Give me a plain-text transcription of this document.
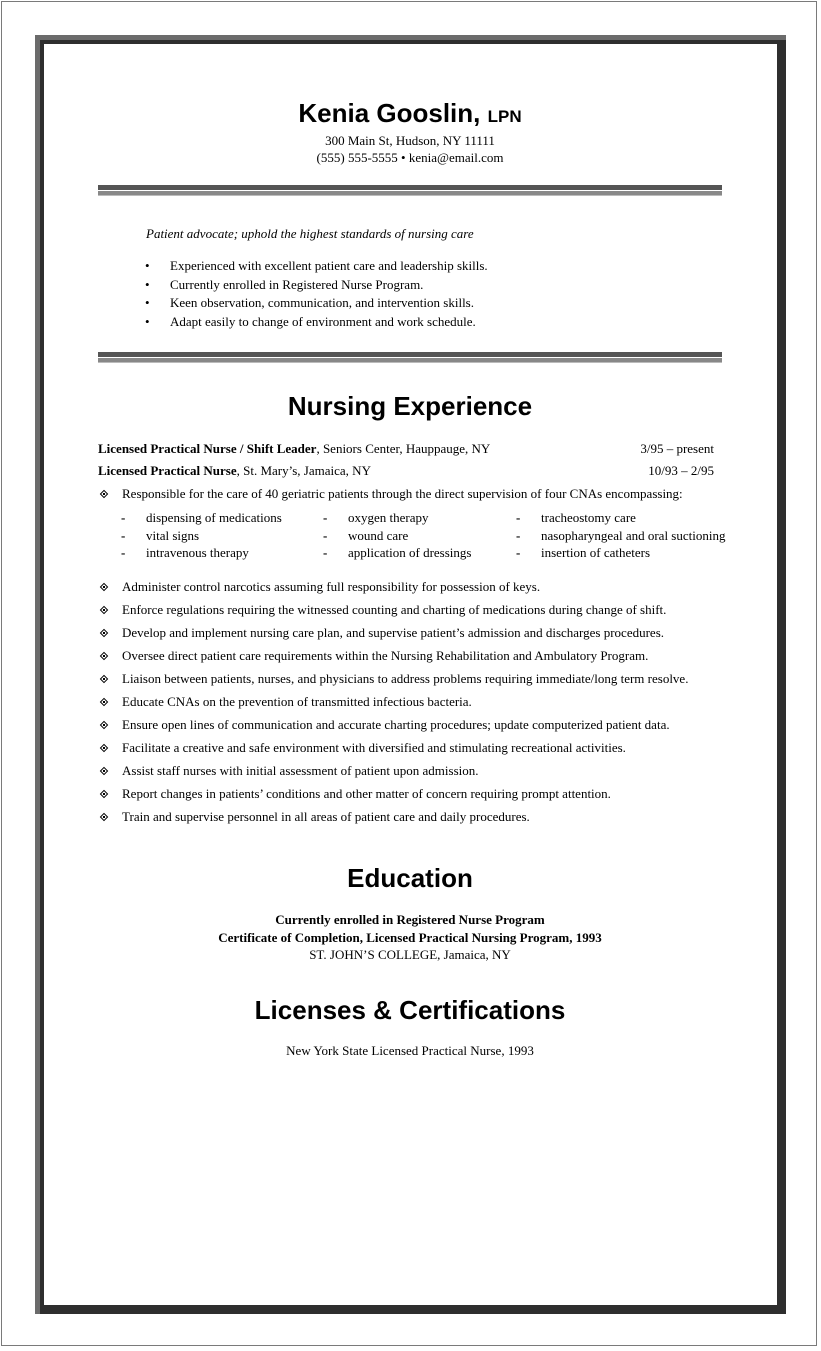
Kenia Gooslin, LPN
300 Main St, Hudson, NY 11111
(555) 555-5555 • kenia@email.com
Patient advocate; uphold the highest standards of nursing care
• Experienced with excellent patient care and leadership skills.
• Currently enrolled in Registered Nurse Program.
• Keen observation, communication, and intervention skills.
• Adapt easily to change of environment and work schedule.
Nursing Experience
Licensed Practical Nurse / Shift Leader, Seniors Center, Hauppauge, NY	3/95 – present
Licensed Practical Nurse, St. Mary’s, Jamaica, NY	10/93 – 2/95
Responsible for the care of 40 geriatric patients through the direct supervision of four CNAs encompassing:
- dispensing of medications	- oxygen therapy	- tracheostomy care
- vital signs	- wound care	- nasopharyngeal and oral suctioning
- intravenous therapy	- application of dressings	- insertion of catheters
Administer control narcotics assuming full responsibility for possession of keys.
Enforce regulations requiring the witnessed counting and charting of medications during change of shift.
Develop and implement nursing care plan, and supervise patient’s admission and discharges procedures.
Oversee direct patient care requirements within the Nursing Rehabilitation and Ambulatory Program.
Liaison between patients, nurses, and physicians to address problems requiring immediate/long term resolve.
Educate CNAs on the prevention of transmitted infectious bacteria.
Ensure open lines of communication and accurate charting procedures; update computerized patient data.
Facilitate a creative and safe environment with diversified and stimulating recreational activities.
Assist staff nurses with initial assessment of patient upon admission.
Report changes in patients’ conditions and other matter of concern requiring prompt attention.
Train and supervise personnel in all areas of patient care and daily procedures.
Education
Currently enrolled in Registered Nurse Program
Certificate of Completion, Licensed Practical Nursing Program, 1993
ST. JOHN’S COLLEGE, Jamaica, NY
Licenses & Certifications
New York State Licensed Practical Nurse, 1993
